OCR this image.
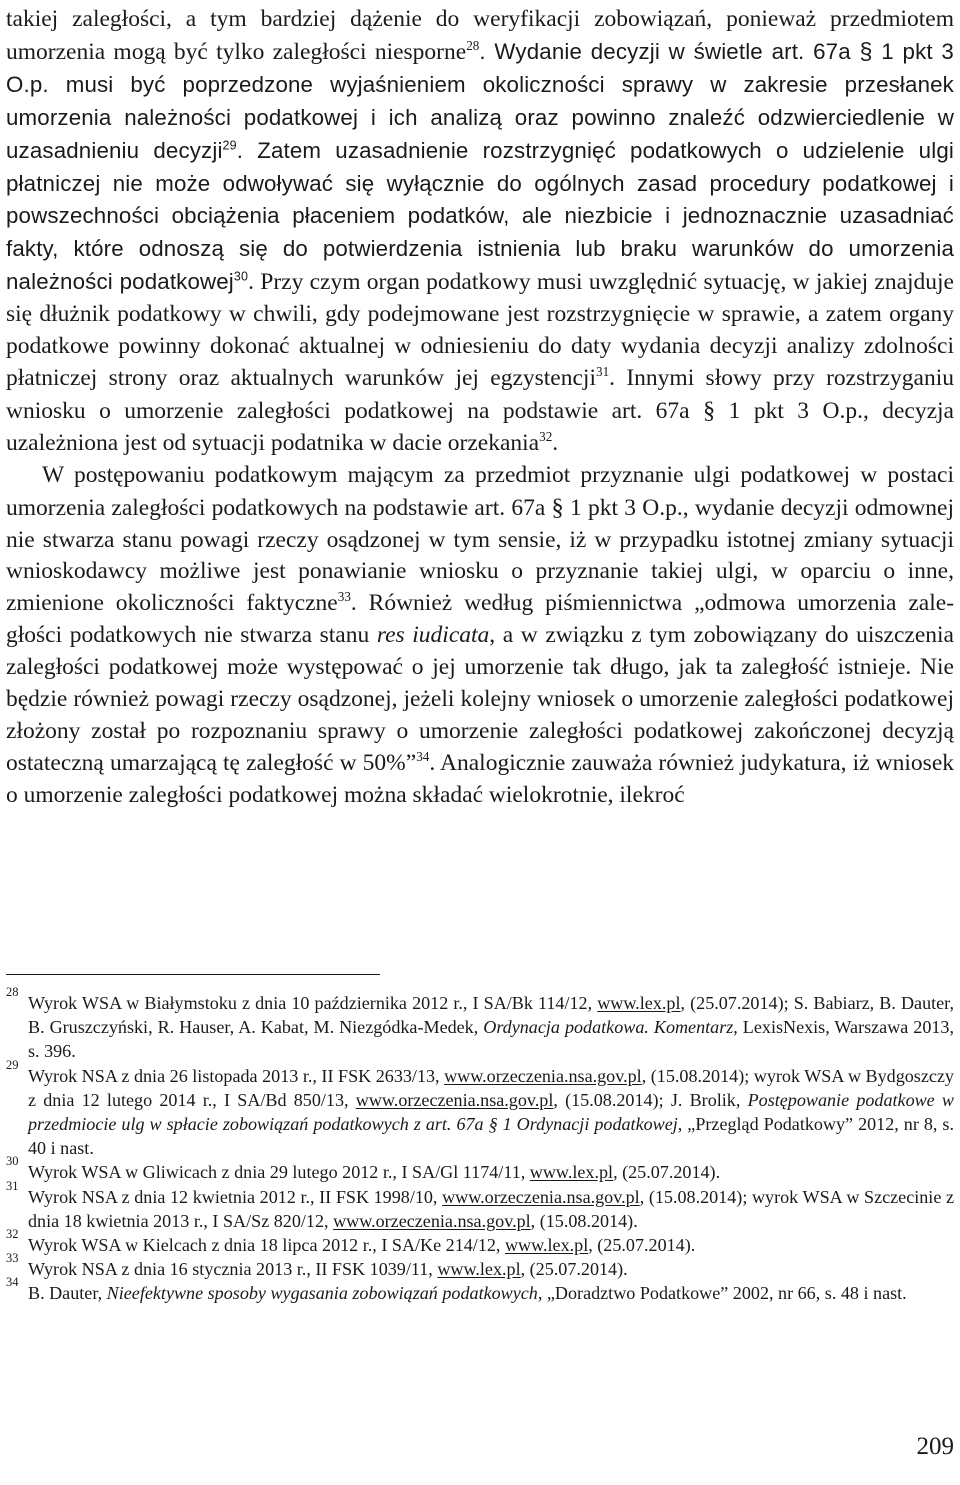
takiej zaległości, a tym bardziej dążenie do weryfikacji zobowiązań, ponieważ przedmiotem umorzenia mogą być tylko zaległości niesporne$^{28}$. Wydanie decyzji w świetle art. 67a § 1 pkt 3 O.p. musi być poprzedzone wyjaśnieniem okoliczności sprawy w zakresie przesłanek umorzenia należności podatkowej i ich analizą oraz powinno znaleźć odzwierciedlenie w uzasadnieniu decyzji$^{29}$. Zatem uzasadnienie rozstrzygnięć podatkowych o udzielenie ulgi płatniczej nie może odwoływać się wyłącznie do ogólnych zasad procedury podatkowej i powszechności obciążenia płaceniem podatków, ale niezbicie i jednoznacznie uzasadniać fakty, które odnoszą się do potwierdzenia istnienia lub braku warunków do umorzenia należności podatkowej$^{30}$. Przy czym organ podatkowy musi uwzględnić sytuację, w jakiej znajduje się dłużnik podatkowy w chwili, gdy podejmowane jest rozstrzygnięcie w sprawie, a zatem organy podatkowe powinny dokonać aktualnej w odniesieniu do daty wydania decyzji analizy zdolności płatniczej strony oraz aktualnych warunków jej egzystencji$^{31}$. Innymi słowy przy rozstrzyganiu wniosku o umorzenie zaległości podatkowej na podstawie art. 67a § 1 pkt 3 O.p., decyzja uzależniona jest od sytuacji podatnika w dacie orzekania$^{32}$.

W postępowaniu podatkowym mającym za przedmiot przyznanie ulgi podatkowej w postaci umorzenia zaległości podatkowych na podstawie art. 67a § 1 pkt 3 O.p., wydanie decyzji odmownej nie stwarza stanu powagi rzeczy osądzonej w tym sensie, iż w przypadku istotnej zmiany sytuacji wnioskodawcy możliwe jest ponawianie wniosku o przyznanie takiej ulgi, w oparciu o inne, zmienione okoliczności faktyczne$^{33}$. Również według piśmiennictwa „odmowa umorzenia zaległości podatkowych nie stwarza stanu res iudicata, a w związku z tym zobowiązany do uiszczenia zaległości podatkowej może występować o jej umorzenie tak długo, jak ta zaległość istnieje. Nie będzie również powagi rzeczy osądzonej, jeżeli kolejny wniosek o umorzenie zaległości podatkowej złożony został po rozpoznaniu sprawy o umorzenie zaległości podatkowej zakończonej decyzją ostateczną umarzającą tę zaległość w 50%”$^{34}$. Analogicznie zauważa również judykatura, iż wniosek o umorzenie zaległości podatkowej można składać wielokrotnie, ilekroć

28
Wyrok WSA w Białymstoku z dnia 10 października 2012 r., I SA/Bk 114/12, www.lex.pl, (25.07.2014); S. Babiarz, B. Dauter, B. Gruszczyński, R. Hauser, A. Kabat, M. Niezgódka-Medek, Ordynacja podatkowa. Komentarz, LexisNexis, Warszawa 2013, s. 396.

29
Wyrok NSA z dnia 26 listopada 2013 r., II FSK 2633/13, www.orzeczenia.nsa.gov.pl, (15.08.2014); wyrok WSA w Bydgoszczy z dnia 12 lutego 2014 r., I SA/Bd 850/13, www.orzeczenia.nsa.gov.pl, (15.08.2014); J. Brolik, Postępowanie podatkowe w przedmiocie ulg w spłacie zobowiązań podatkowych z art. 67a § 1 Ordynacji podatkowej, „Przegląd Podatkowy” 2012, nr 8, s. 40 i nast.

30
Wyrok WSA w Gliwicach z dnia 29 lutego 2012 r., I SA/Gl 1174/11, www.lex.pl, (25.07.2014).

31
Wyrok NSA z dnia 12 kwietnia 2012 r., II FSK 1998/10, www.orzeczenia.nsa.gov.pl, (15.08.2014); wyrok WSA w Szczecinie z dnia 18 kwietnia 2013 r., I SA/Sz 820/12, www.orzeczenia.nsa.gov.pl, (15.08.2014).

32
Wyrok WSA w Kielcach z dnia 18 lipca 2012 r., I SA/Ke 214/12, www.lex.pl, (25.07.2014).

33
Wyrok NSA z dnia 16 stycznia 2013 r., II FSK 1039/11, www.lex.pl, (25.07.2014).

34
B. Dauter, Nieefektywne sposoby wygasania zobowiązań podatkowych, „Doradztwo Podatkowe” 2002, nr 66, s. 48 i nast.

209
